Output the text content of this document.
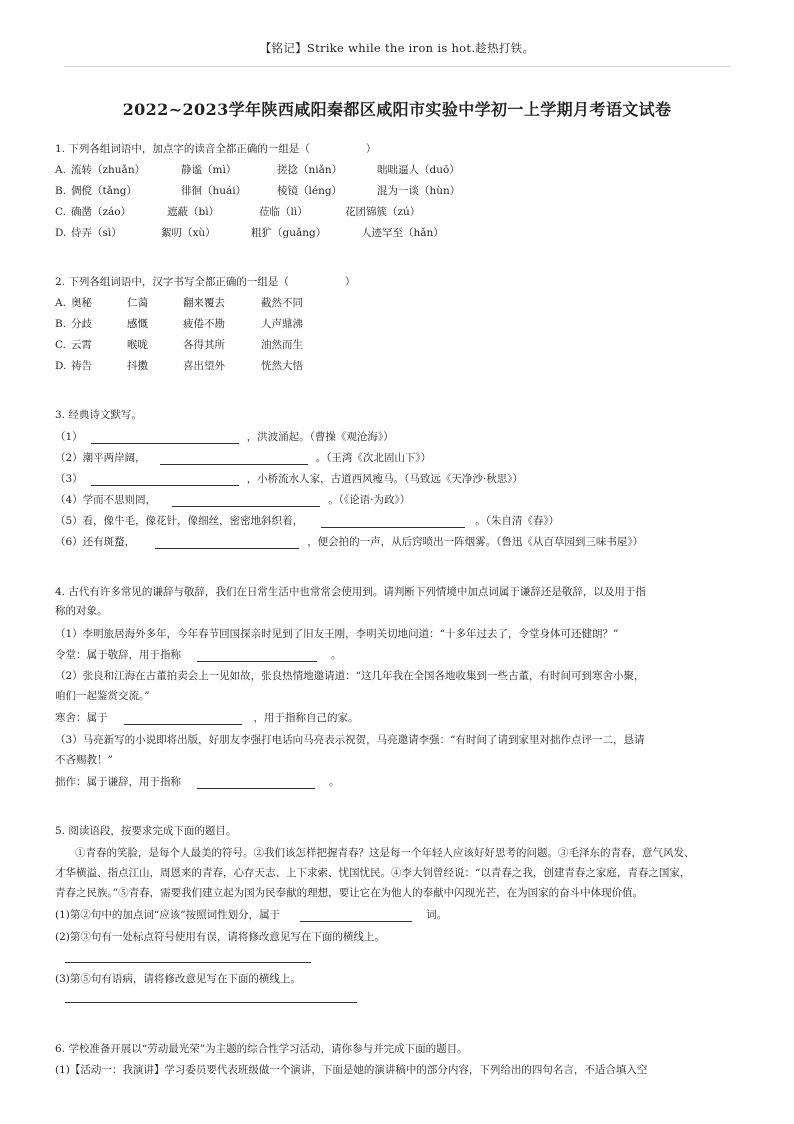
【铭记】Strike while the iron is hot.趁热打铁。
2022~2023学年陕西咸阳秦都区咸阳市实验中学初一上学期月考语文试卷
1. 下列各组词语中，加点字的读音全都正确的一组是（	）
A. 流转（zhuǎn）	静谧（mì）	搓捻（niǎn）	咄咄逼人（duō）
B. 倜傥（tǎng）	徘徊（huái）	棱镜（léng）	混为一谈（hùn）
C. 确凿（záo）	遮蔽（bì）	莅临（lì）	花团锦簇（zú）
D. 侍弄（sì）	絮叨（xù）	粗犷（guǎng）	人迹罕至（hǎn）
2. 下列各组词语中，汉字书写全都正确的一组是（	）
A. 奥秘	仁蔼	翻来覆去	截然不同
B. 分歧	感慨	疲倦不勘	人声鼎沸
C. 云霄	喉咙	各得其所	油然而生
D. 祷告	抖擞	喜出望外	恍然大悟
3. 经典诗文默写。
（1）	，洪波涌起。（曹操《观沧海》）
（2）潮平两岸阔，	。（王湾《次北固山下》）
（3）	，小桥流水人家，古道西风瘦马。（马致远《天净沙·秋思》）
（4）学而不思则罔，	。（《论语·为政》）
（5）看，像牛毛，像花针，像细丝，密密地斜织着，	。（朱自清《春》）
（6）还有斑蝥，	，便会拍的一声，从后窍喷出一阵烟雾。（鲁迅《从百草园到三味书屋》）
4. 古代有许多常见的谦辞与敬辞，我们在日常生活中也常常会使用到。请判断下列情境中加点词属于谦辞还是敬辞，以及用于指
称的对象。
（1）李明旅居海外多年，今年春节回国探亲时见到了旧友王刚，李明关切地问道：“十多年过去了，令堂身体可还健朗？”
令堂：属于敬辞，用于指称	。
（2）张良和江海在古董拍卖会上一见如故，张良热情地邀请道：“这几年我在全国各地收集到一些古董，有时间可到寒舍小聚，
咱们一起鉴赏交流。”
寒舍：属于	，用于指称自己的家。
（3）马亮新写的小说即将出版，好朋友李强打电话向马亮表示祝贺，马亮邀请李强：“有时间了请到家里对拙作点评一二，恳请
不吝赐教！”
拙作：属于谦辞，用于指称	。
5. 阅读语段，按要求完成下面的题目。
①青春的笑脸，是每个人最美的符号。②我们该怎样把握青春？这是每一个年轻人应该好好思考的问题。③毛泽东的青春，意气风发、
才华横溢、指点江山，周恩来的青春，心存天志、上下求索、忧国忧民。④李大钊曾经说：“以青春之我，创建青春之家庭，青春之国家，
青春之民族。”⑤青春，需要我们建立起为国为民奉献的理想，要让它在为他人的奉献中闪现光芒，在为国家的奋斗中体现价值。
(1)第②句中的加点词“应该”按照词性划分，属于	词。
(2)第③句有一处标点符号使用有误，请将修改意见写在下面的横线上。
(3)第⑤句有语病，请将修改意见写在下面的横线上。
6. 学校准备开展以“劳动最光荣”为主题的综合性学习活动，请你参与并完成下面的题目。
(1)【活动一：我演讲】学习委员要代表班级做一个演讲，下面是她的演讲稿中的部分内容，下列给出的四句名言，不适合填入空
